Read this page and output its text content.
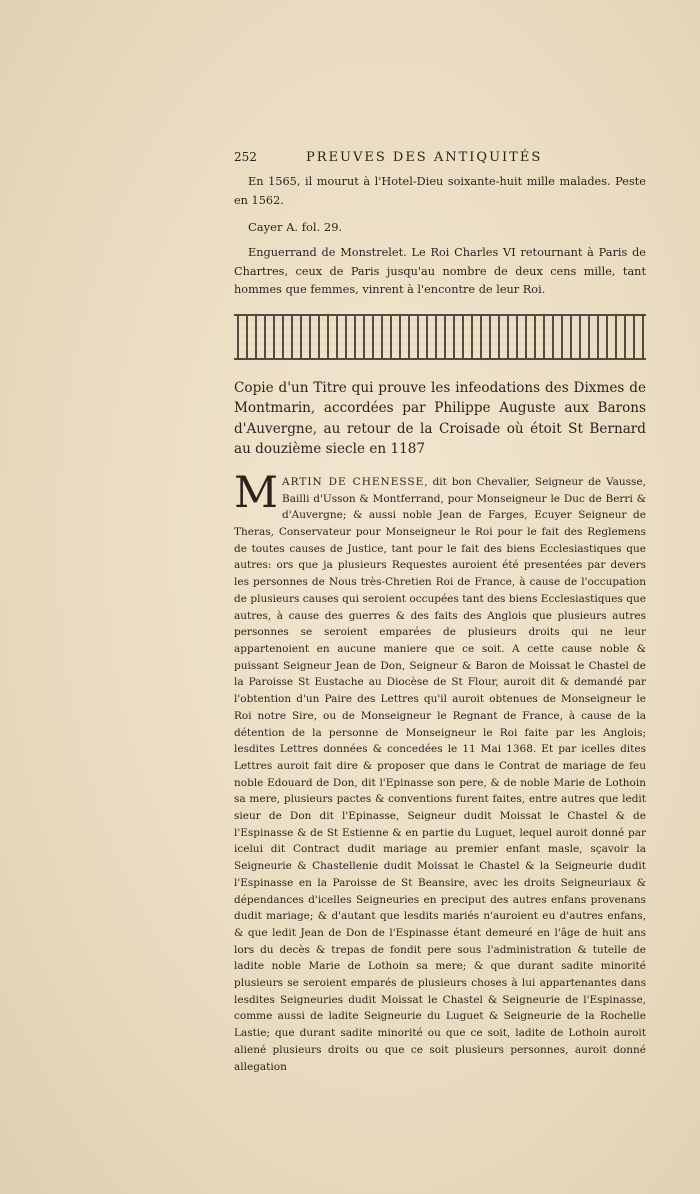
252	PREUVES DES ANTIQUITÉS

En 1565, il mourut à l'Hotel-Dieu soixante-huit mille malades. Peste en 1562.

Cayer A. fol. 29.

Enguerrand de Monstrelet. Le Roi Charles VI retournant à Paris de Chartres, ceux de Paris jusqu'au nombre de deux cens mille, tant hommes que femmes, vinrent à l'encontre de leur Roi.

Copie d'un Titre qui prouve les infeodations des Dixmes de Montmarin, accordées par Philippe Auguste aux Barons d'Auvergne, au retour de la Croisade où étoit St Bernard au douzième siecle en 1187

MARTIN DE CHENESSE, dit bon Chevalier, Seigneur de Vausse, Bailli d'Usson & Montferrand, pour Monseigneur le Duc de Berri & d'Auvergne; & aussi noble Jean de Farges, Ecuyer Seigneur de Theras, Conservateur pour Monseigneur le Roi pour le fait des Reglemens de toutes causes de Justice, tant pour le fait des biens Ecclesiastiques que autres: ors que ja plusieurs Requestes auroient été presentées par devers les personnes de Nous très-Chretien Roi de France, à cause de l'occupation de plusieurs causes qui seroient occupées tant des biens Ecclesiastiques que autres, à cause des guerres & des faits des Anglois que plusieurs autres personnes se seroient emparées de plusieurs droits qui ne leur appartenoient en aucune maniere que ce soit. A cette cause noble & puissant Seigneur Jean de Don, Seigneur & Baron de Moissat le Chastel de la Paroisse St Eustache au Diocèse de St Flour, auroit dit & demandé par l'obtention d'un Paire des Lettres qu'il auroit obtenues de Monseigneur le Roi notre Sire, ou de Monseigneur le Regnant de France, à cause de la détention de la personne de Monseigneur le Roi faite par les Anglois; lesdites Lettres données & concedées le 11 Mai 1368. Et par icelles dites Lettres auroit fait dire & proposer que dans le Contrat de mariage de feu noble Edouard de Don, dit l'Epinasse son pere, & de noble Marie de Lothoin sa mere, plusieurs pactes & conventions furent faites, entre autres que ledit sieur de Don dit l'Epinasse, Seigneur dudit Moissat le Chastel & de l'Espinasse & de St Estienne & en partie du Luguet, lequel auroit donné par icelui dit Contract dudit mariage au premier enfant masle, sçavoir la Seigneurie & Chastellenie dudit Moissat le Chastel & la Seigneurie dudit l'Espinasse en la Paroisse de St Beansire, avec les droits Seigneuriaux & dépendances d'icelles Seigneuries en preciput des autres enfans provenans dudit mariage; & d'autant que lesdits mariés n'auroient eu d'autres enfans, & que ledit Jean de Don de l'Espinasse étant demeuré en l'âge de huit ans lors du decès & trepas de fondit pere sous l'administration & tutelle de ladite noble Marie de Lothoin sa mere; & que durant sadite minorité plusieurs se seroient emparés de plusieurs choses à lui appartenantes dans lesdites Seigneuries dudit Moissat le Chastel & Seigneurie de l'Espinasse, comme aussi de ladite Seigneurie du Luguet & Seigneurie de la Rochelle Lastie; que durant sadite minorité ou que ce soit, ladite de Lothoin auroit aliené plusieurs droits ou que ce soit plusieurs personnes, auroit donné allegation
